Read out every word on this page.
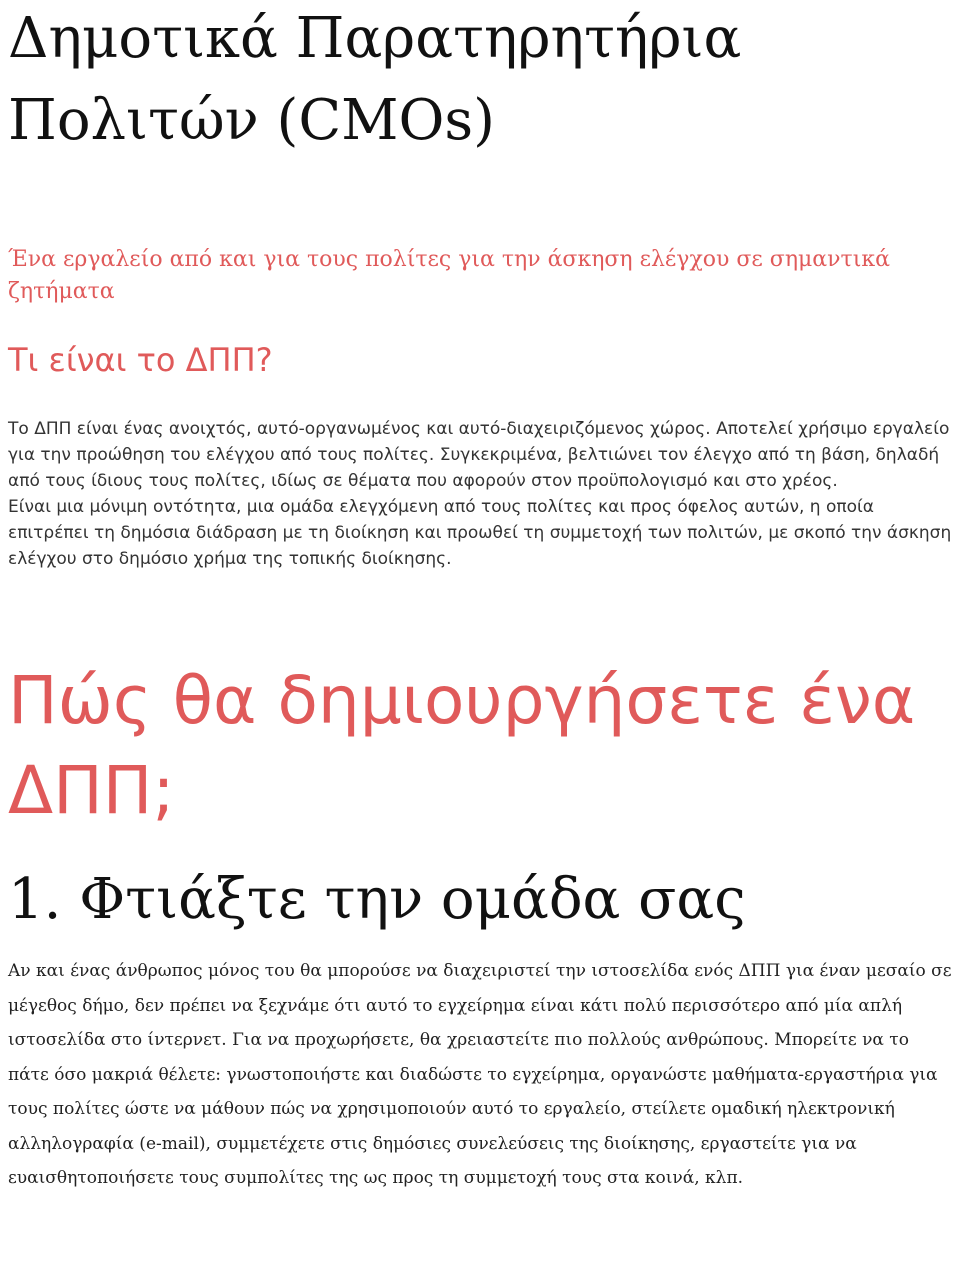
Δημοτικά Παρατηρητήρια Πολιτών (CMOs)
Ένα εργαλείο από και για τους πολίτες για την άσκηση ελέγχου σε σημαντικά ζητήματα
Τι είναι το ΔΠΠ?

Το ΔΠΠ είναι ένας ανοιχτός, αυτό-οργανωμένος και αυτό-διαχειριζόμενος χώρος. Αποτελεί χρήσιμο εργαλείο για την προώθηση του ελέγχου από τους πολίτες. Συγκεκριμένα, βελτιώνει τον έλεγχο από τη βάση, δηλαδή από τους ίδιους τους πολίτες, ιδίως σε θέματα που αφορούν στον προϋπολογισμό και στο χρέος.

Είναι μια μόνιμη οντότητα, μια ομάδα ελεγχόμενη από τους πολίτες και προς όφελος αυτών, η οποία επιτρέπει τη δημόσια διάδραση με τη διοίκηση και προωθεί τη συμμετοχή των πολιτών, με σκοπό την άσκηση ελέγχου στο δημόσιο χρήμα της τοπικής διοίκησης.

Πώς θα δημιουργήσετε ένα ΔΠΠ;
1. Φτιάξτε την ομάδα σας

Αν και ένας άνθρωπος μόνος του θα μπορούσε να διαχειριστεί την ιστοσελίδα ενός ΔΠΠ για έναν μεσαίο σε μέγεθος δήμο, δεν πρέπει να ξεχνάμε ότι αυτό το εγχείρημα είναι κάτι πολύ περισσότερο από μία απλή ιστοσελίδα στο ίντερνετ. Για να προχωρήσετε, θα χρειαστείτε πιο πολλούς ανθρώπους. Μπορείτε να το πάτε όσο μακριά θέλετε: γνωστοποιήστε και διαδώστε το εγχείρημα, οργανώστε μαθήματα-εργαστήρια για τους πολίτες ώστε να μάθουν πώς να χρησιμοποιούν αυτό το εργαλείο, στείλετε ομαδική ηλεκτρονική αλληλογραφία (e-mail), συμμετέχετε στις δημόσιες συνελεύσεις της διοίκησης, εργαστείτε για να ευαισθητοποιήσετε τους συμπολίτες της ως προς τη συμμετοχή τους στα κοινά, κλπ.
